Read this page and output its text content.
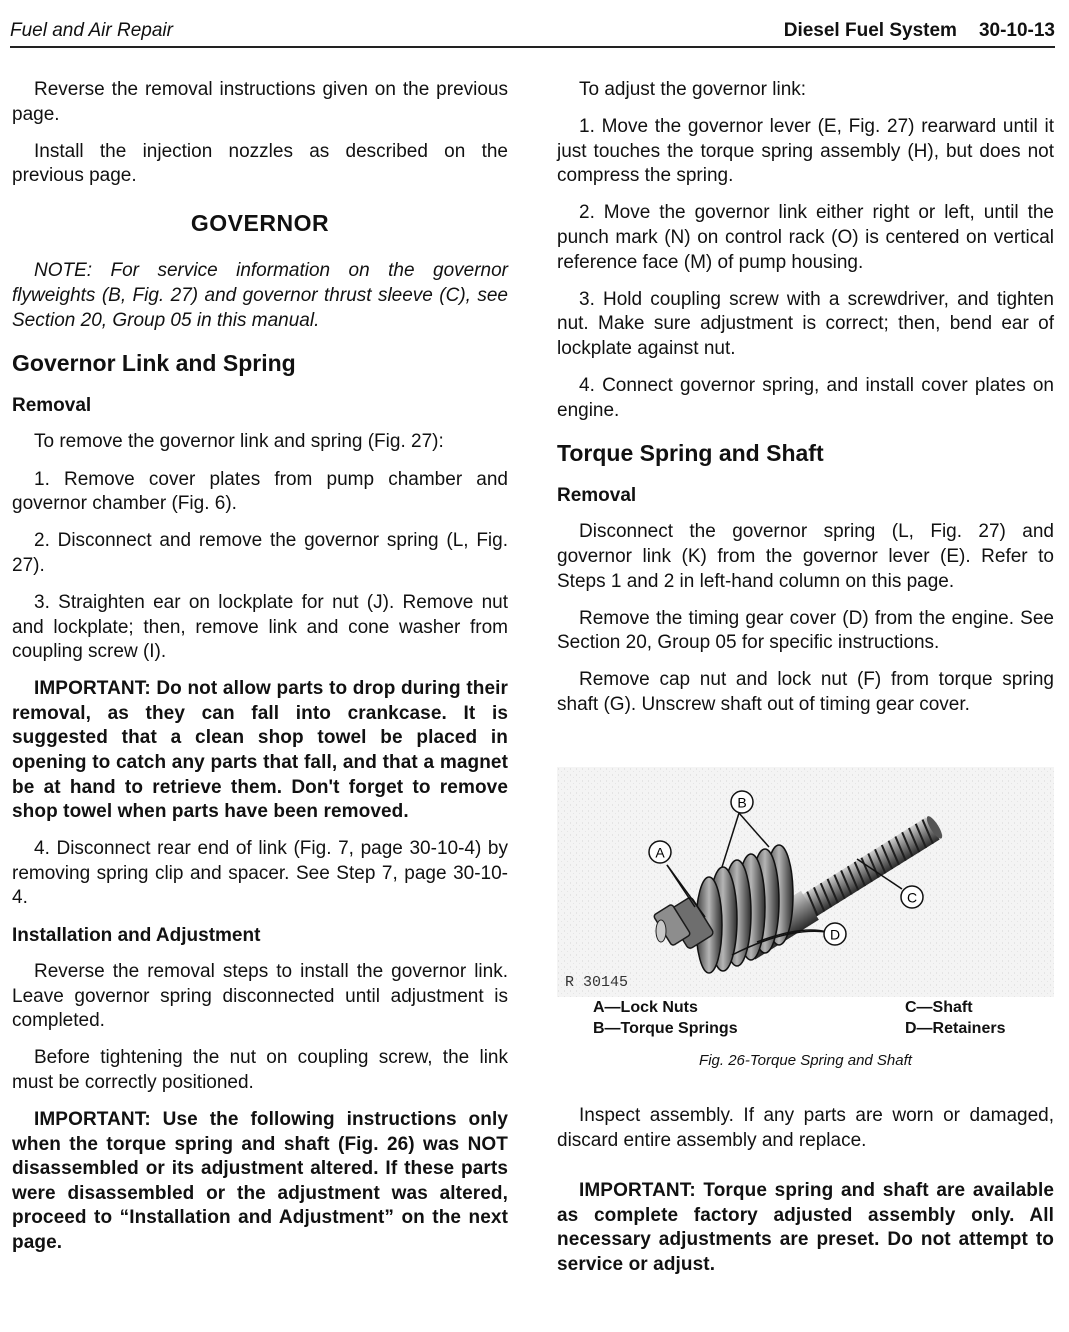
Fuel and Air Repair	Diesel Fuel System 30-10-13

Reverse the removal instructions given on the previous page.

Install the injection nozzles as described on the previous page.

GOVERNOR

NOTE: For service information on the governor flyweights (B, Fig. 27) and governor thrust sleeve (C), see Section 20, Group 05 in this manual.

Governor Link and Spring
Removal

To remove the governor link and spring (Fig. 27):

1. Remove cover plates from pump chamber and governor chamber (Fig. 6).

2. Disconnect and remove the governor spring (L, Fig. 27).

3. Straighten ear on lockplate for nut (J). Remove nut and lockplate; then, remove link and cone washer from coupling screw (I).

IMPORTANT: Do not allow parts to drop during their removal, as they can fall into crankcase. It is suggested that a clean shop towel be placed in opening to catch any parts that fall, and that a magnet be at hand to retrieve them. Don't forget to remove shop towel when parts have been removed.

4. Disconnect rear end of link (Fig. 7, page 30-10-4) by removing spring clip and spacer. See Step 7, page 30-10-4.

Installation and Adjustment

Reverse the removal steps to install the governor link. Leave governor spring disconnected until adjustment is completed.

Before tightening the nut on coupling screw, the link must be correctly positioned.

IMPORTANT: Use the following instructions only when the torque spring and shaft (Fig. 26) was NOT disassembled or its adjustment altered. If these parts were disassembled or the adjustment was altered, proceed to “Installation and Adjustment” on the next page.

To adjust the governor link:

1. Move the governor lever (E, Fig. 27) rearward until it just touches the torque spring assembly (H), but does not compress the spring.

2. Move the governor link either right or left, until the punch mark (N) on control rack (O) is centered on vertical reference face (M) of pump housing.

3. Hold coupling screw with a screwdriver, and tighten nut. Make sure adjustment is correct; then, bend ear of lockplate against nut.

4. Connect governor spring, and install cover plates on engine.

Torque Spring and Shaft
Removal

Disconnect the governor spring (L, Fig. 27) and governor link (K) from the governor lever (E). Refer to Steps 1 and 2 in left-hand column on this page.

Remove the timing gear cover (D) from the engine. See Section 20, Group 05 for specific instructions.

Remove cap nut and lock nut (F) from torque spring shaft (G). Unscrew shaft out of timing gear cover.

A
B
C
D
R 30145
A—Lock Nuts
B—Torque Springs
C—Shaft
D—Retainers
Fig. 26-Torque Spring and Shaft

Inspect assembly. If any parts are worn or damaged, discard entire assembly and replace.

IMPORTANT: Torque spring and shaft are available as complete factory adjusted assembly only. All necessary adjustments are preset. Do not attempt to service or adjust.
